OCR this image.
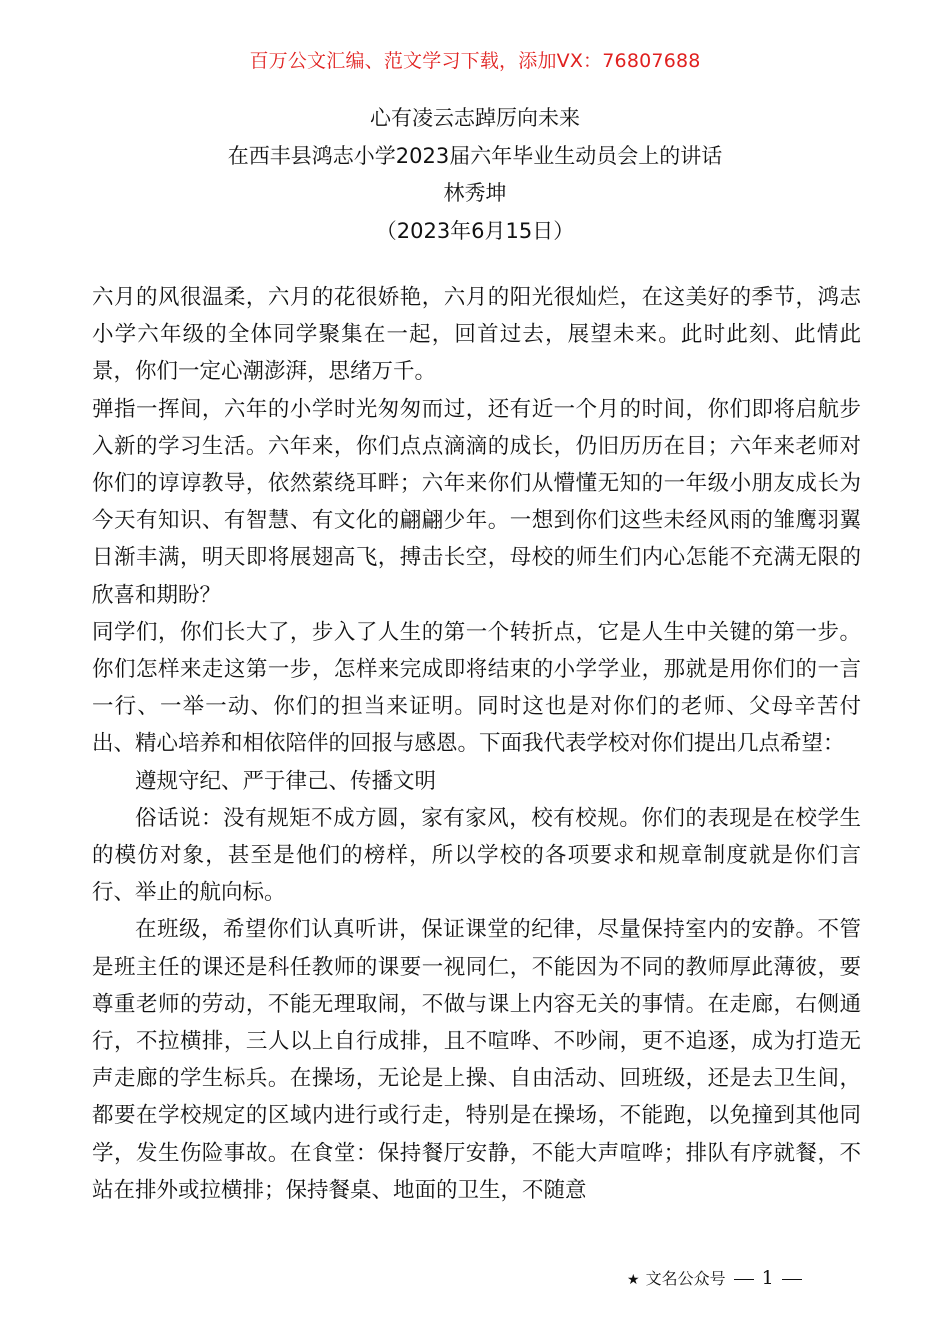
百万公文汇编、范文学习下载，添加VX：76807688
心有凌云志踔厉向未来
在西丰县鸿志小学2023届六年毕业生动员会上的讲话
林秀坤
（2023年6月15日）

六月的风很温柔，六月的花很娇艳，六月的阳光很灿烂，在这美好的季节，鸿志小学六年级的全体同学聚集在一起，回首过去，展望未来。此时此刻、此情此景，你们一定心潮澎湃，思绪万千。

弹指一挥间，六年的小学时光匆匆而过，还有近一个月的时间，你们即将启航步入新的学习生活。六年来，你们点点滴滴的成长，仍旧历历在目；六年来老师对你们的谆谆教导，依然萦绕耳畔；六年来你们从懵懂无知的一年级小朋友成长为今天有知识、有智慧、有文化的翩翩少年。一想到你们这些未经风雨的雏鹰羽翼日渐丰满，明天即将展翅高飞，搏击长空，母校的师生们内心怎能不充满无限的欣喜和期盼？

同学们，你们长大了，步入了人生的第一个转折点，它是人生中关键的第一步。你们怎样来走这第一步，怎样来完成即将结束的小学学业，那就是用你们的一言一行、一举一动、你们的担当来证明。同时这也是对你们的老师、父母辛苦付出、精心培养和相依陪伴的回报与感恩。下面我代表学校对你们提出几点希望：

遵规守纪、严于律己、传播文明

俗话说：没有规矩不成方圆，家有家风，校有校规。你们的表现是在校学生的模仿对象，甚至是他们的榜样，所以学校的各项要求和规章制度就是你们言行、举止的航向标。

在班级，希望你们认真听讲，保证课堂的纪律，尽量保持室内的安静。不管是班主任的课还是科任教师的课要一视同仁，不能因为不同的教师厚此薄彼，要尊重老师的劳动，不能无理取闹，不做与课上内容无关的事情。在走廊，右侧通行，不拉横排，三人以上自行成排，且不喧哗、不吵闹，更不追逐，成为打造无声走廊的学生标兵。在操场，无论是上操、自由活动、回班级，还是去卫生间，都要在学校规定的区域内进行或行走，特别是在操场，不能跑，以免撞到其他同学，发生伤险事故。在食堂：保持餐厅安静，不能大声喧哗；排队有序就餐，不站在排外或拉横排；保持餐桌、地面的卫生，不随意

★ 文名公众号 1
